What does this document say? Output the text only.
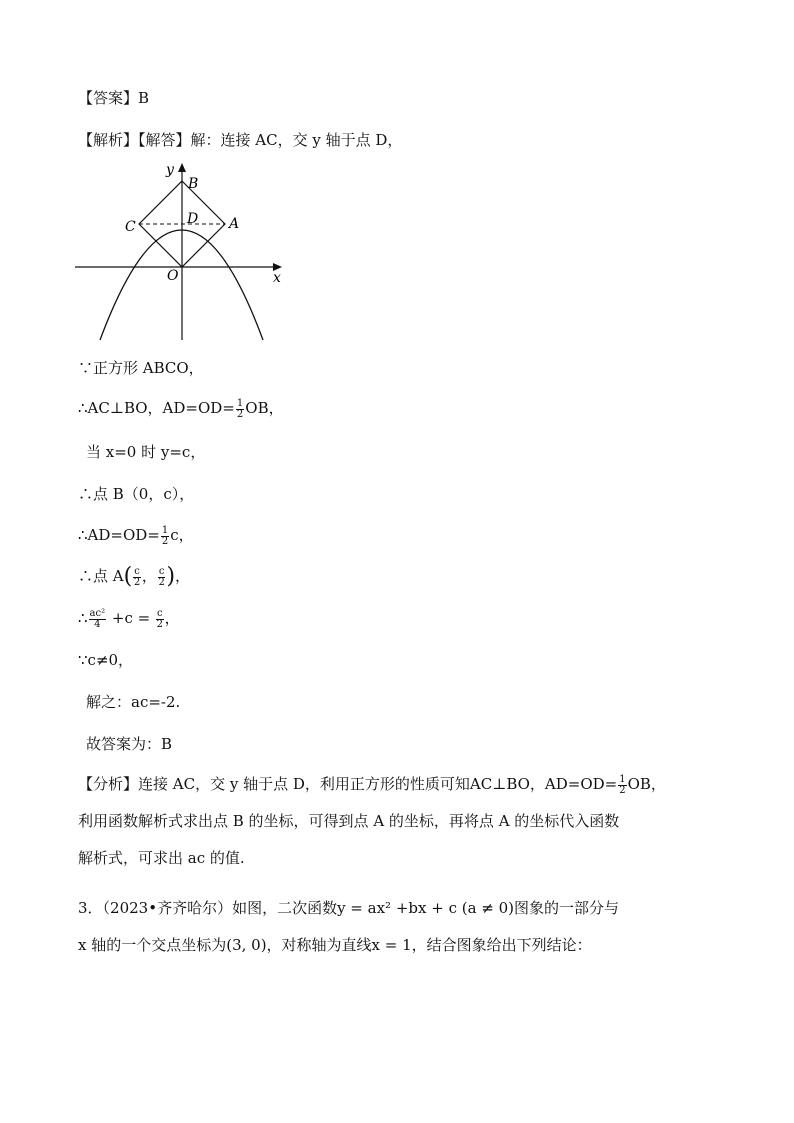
【答案】B
【解析】【解答】解：连接 AC，交 y 轴于点 D，
y
x
B
C	D A
O
∵正方形 ABCO，
∴AC⊥BO，$AD=OD= \frac{1}{2}$ OB，
当 x=0 时 y=c，
∴点 B（0，c），
∴AD=OD= $\frac{1}{2}$ c，
∴点 $A( \frac{c}{2}$ ， $\frac{c}{2}$ )，
∴ $\frac{\text{ac²}}{4} +c = \frac{c}{2}$ ，
∵c≠0，
解之：ac=-2.
故答案为：B
【分析】连接 AC，交 y 轴于点 D，利用正方形的性质可知AC⊥BO，$AD=OD= \frac{1}{2}$ OB，
利用函数解析式求出点 B 的坐标，可得到点 A 的坐标，再将点 A 的坐标代入函数
解析式，可求出 ac 的值.
3．（2023•齐齐哈尔）如图，二次函数y = ax² +bx + c (a ≠ 0)图象的一部分与
x 轴的一个交点坐标为(3, 0)，对称轴为直线x = 1，结合图象给出下列结论：
